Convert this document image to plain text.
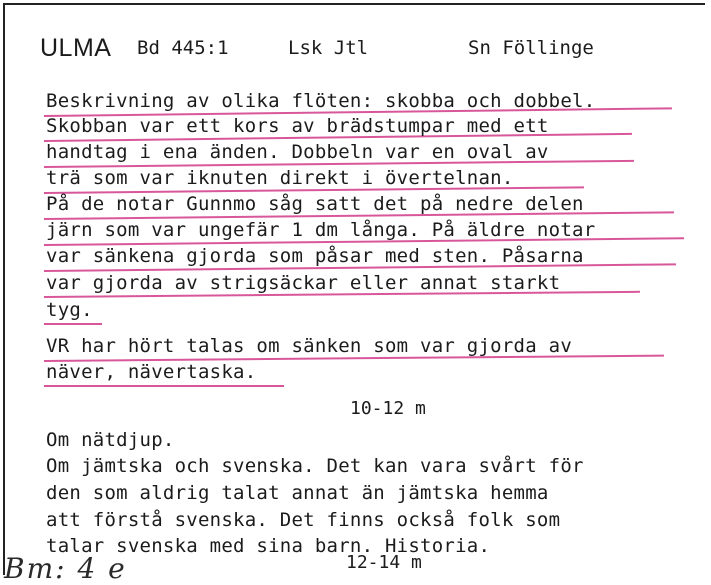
ULMA Bd 445:1	Lsk Jtl	Sn Föllinge
Beskrivning av olika flöten: skobba och dobbel.
Skobban var ett kors av brädstumpar med ett
handtag i ena änden. Dobbeln var en oval av
trä som var iknuten direkt i övertelnan.
På de notar Gunnmo såg satt det på nedre delen
järn som var ungefär 1 dm långa. På äldre notar
var sänkena gjorda som påsar med sten. Påsarna
var gjorda av strigsäckar eller annat starkt
tyg.
VR har hört talas om sänken som var gjorda av
näver, nävertaska.
10-12 m
Om nätdjup.
Om jämtska och svenska. Det kan vara svårt för
den som aldrig talat annat än jämtska hemma
att förstå svenska. Det finns också folk som
talar svenska med sina barn. Historia.
12-14 m
Bm: 4 e
